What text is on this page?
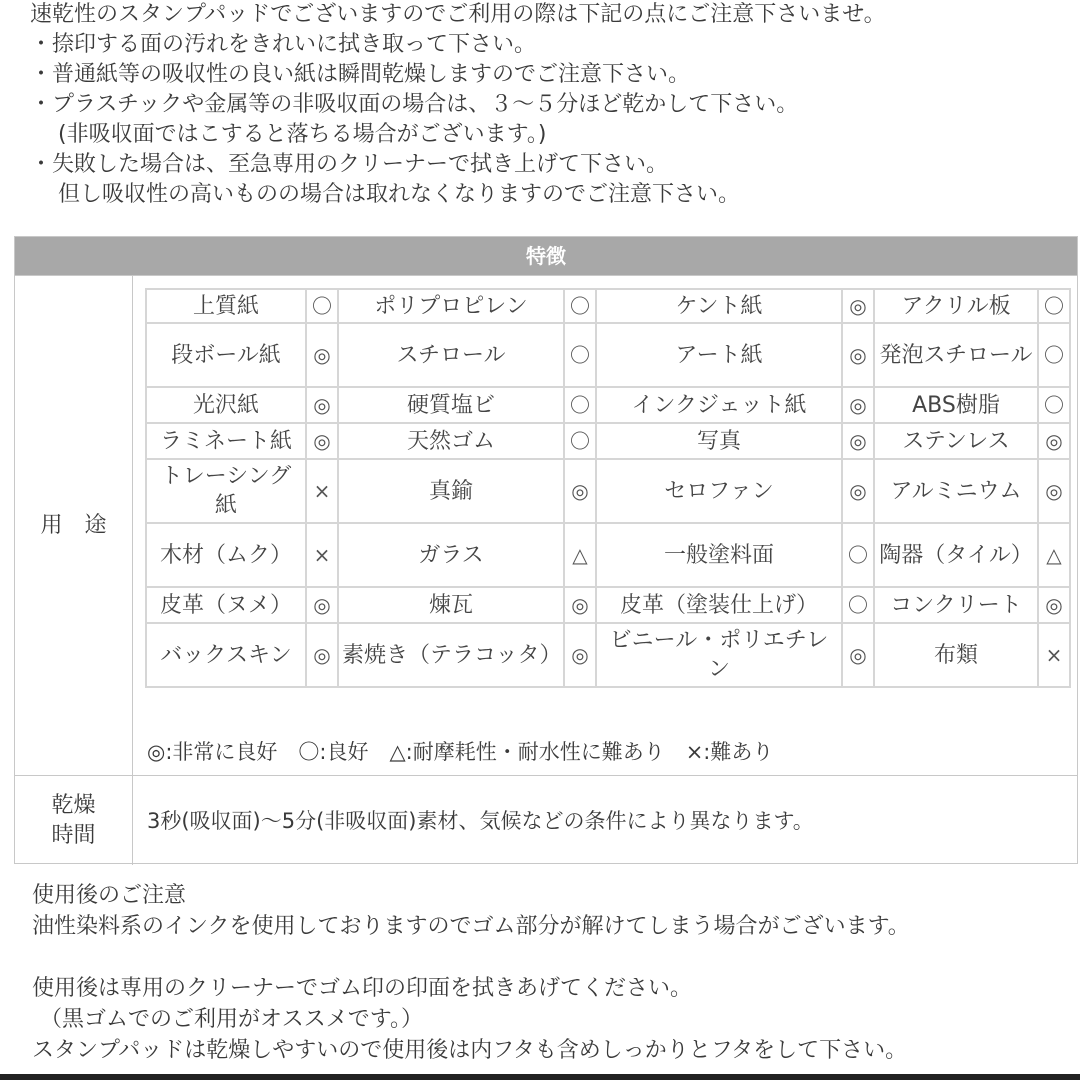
速乾性のスタンプパッドでございますのでご利用の際は下記の点にご注意下さいませ。
・捺印する面の汚れをきれいに拭き取って下さい。
・普通紙等の吸収性の良い紙は瞬間乾燥しますのでご注意下さい。
・プラスチックや金属等の非吸収面の場合は、３～５分ほど乾かして下さい。
(非吸収面ではこすると落ちる場合がございます。)
・失敗した場合は、至急専用のクリーナーで拭き上げて下さい。
但し吸収性の高いものの場合は取れなくなりますのでご注意下さい。
特徴
用　途
上質紙	〇	ポリプロピレン	〇	ケント紙	◎	アクリル板	〇
段ボール紙	◎	スチロール	〇	アート紙	◎	発泡スチロール	〇
光沢紙	◎	硬質塩ビ	〇	インクジェット紙	◎	ABS樹脂	〇
ラミネート紙	◎	天然ゴム	〇	写真	◎	ステンレス	◎
トレーシング紙	×	真鍮	◎	セロファン	◎	アルミニウム	◎
木材（ムク）	×	ガラス	△	一般塗料面	〇	陶器（タイル）	△
皮革（ヌメ）	◎	煉瓦	◎	皮革（塗装仕上げ）	〇	コンクリート	◎
バックスキン	◎	素焼き（テラコッタ）	◎	ビニール・ポリエチレン	◎	布類	×
◎:非常に良好　〇:良好　△:耐摩耗性・耐水性に難あり　×:難あり
乾燥時間
3秒(吸収面)～5分(非吸収面)素材、気候などの条件により異なります。
使用後のご注意
油性染料系のインクを使用しておりますのでゴム部分が解けてしまう場合がございます。
使用後は専用のクリーナーでゴム印の印面を拭きあげてください。
（黒ゴムでのご利用がオススメです。）
スタンプパッドは乾燥しやすいので使用後は内フタも含めしっかりとフタをして下さい。
